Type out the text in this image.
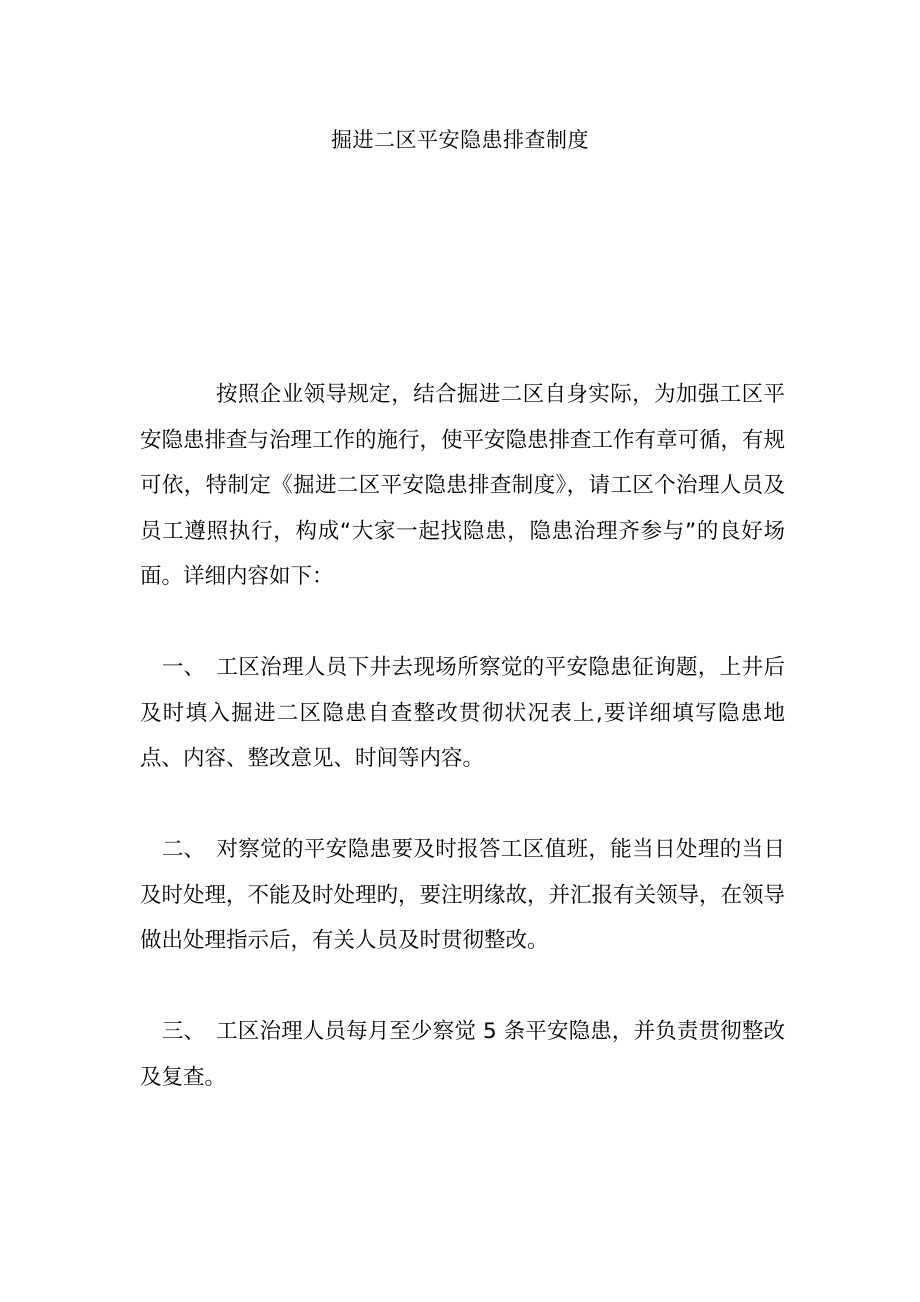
掘进二区平安隐患排查制度

按照企业领导规定，结合掘进二区自身实际，为加强工区平安隐患排查与治理工作的施行，使平安隐患排查工作有章可循，有规可依，特制定《掘进二区平安隐患排查制度》，请工区个治理人员及员工遵照执行，构成“大家一起找隐患，隐患治理齐参与”的良好场面。详细内容如下：

一、 工区治理人员下井去现场所察觉的平安隐患征询题，上井后及时填入掘进二区隐患自查整改贯彻状况表上,要详细填写隐患地点、内容、整改意见、时间等内容。

二、 对察觉的平安隐患要及时报答工区值班，能当日处理的当日及时处理，不能及时处理旳，要注明缘故，并汇报有关领导，在领导做出处理指示后，有关人员及时贯彻整改。

三、 工区治理人员每月至少察觉 5 条平安隐患，并负责贯彻整改及复查。
